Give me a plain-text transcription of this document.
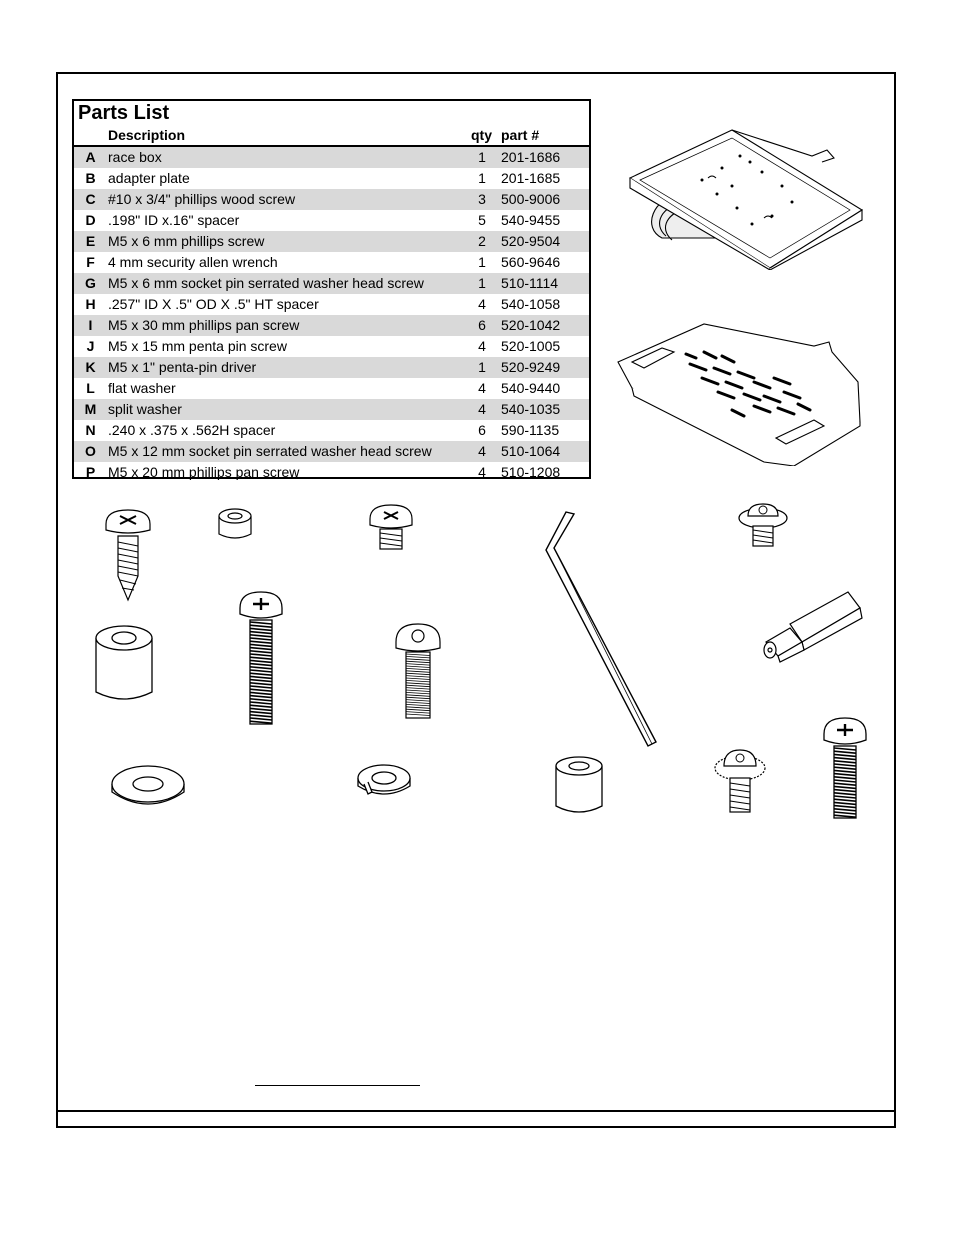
Parts List
Description	qty part #
A race box	1	201-1686
B adapter plate	1	201-1685
C #10 x 3/4" phillips wood screw	3	500-9006
D .198" ID x.16" spacer	5	540-9455
E M5 x 6 mm phillips screw	2	520-9504
F 4 mm security allen wrench	1	560-9646
G M5 x 6 mm socket pin serrated washer head screw	1	510-1114
H .257" ID X .5" OD X .5" HT spacer	4	540-1058
I	M5 x 30 mm phillips pan screw	6	520-1042
J M5 x 15 mm penta pin screw	4	520-1005
K M5 x 1" penta-pin driver	1	520-9249
L flat washer	4	540-9440
M split washer	4	540-1035
N .240 x .375 x .562H spacer	6	590-1135
O M5 x 12 mm socket pin serrated washer head screw	4	510-1064
P M5 x 20 mm phillips pan screw	4	510-1208
